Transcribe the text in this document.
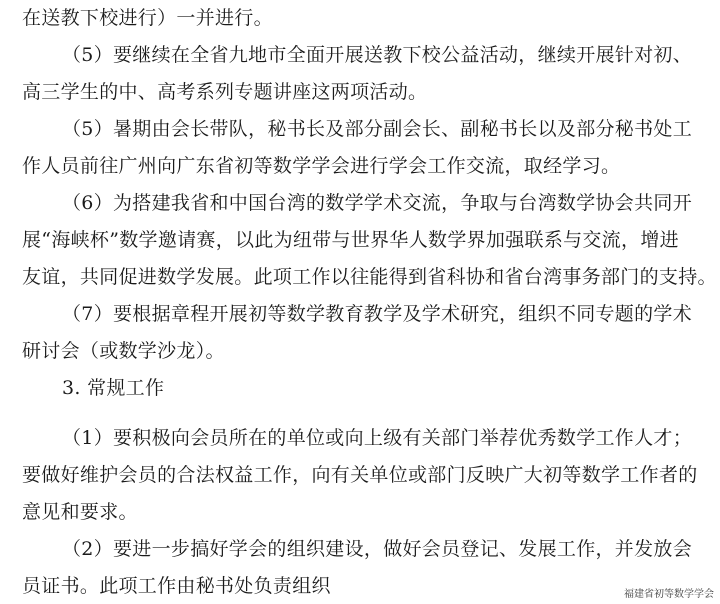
在送教下校进行）一并进行。
（5）要继续在全省九地市全面开展送教下校公益活动，继续开展针对初、
高三学生的中、高考系列专题讲座这两项活动。
（5）暑期由会长带队，秘书长及部分副会长、副秘书长以及部分秘书处工
作人员前往广州向广东省初等数学学会进行学会工作交流，取经学习。
（6）为搭建我省和中国台湾的数学学术交流，争取与台湾数学协会共同开
展“海峡杯”数学邀请赛，以此为纽带与世界华人数学界加强联系与交流，增进
友谊，共同促进数学发展。此项工作以往能得到省科协和省台湾事务部门的支持。
（7）要根据章程开展初等数学教育教学及学术研究，组织不同专题的学术
研讨会（或数学沙龙）。
3. 常规工作
（1）要积极向会员所在的单位或向上级有关部门举荐优秀数学工作人才；
要做好维护会员的合法权益工作，向有关单位或部门反映广大初等数学工作者的
意见和要求。
（2）要进一步搞好学会的组织建设，做好会员登记、发展工作，并发放会
员证书。此项工作由秘书处负责组织	福建省初等数学学会
